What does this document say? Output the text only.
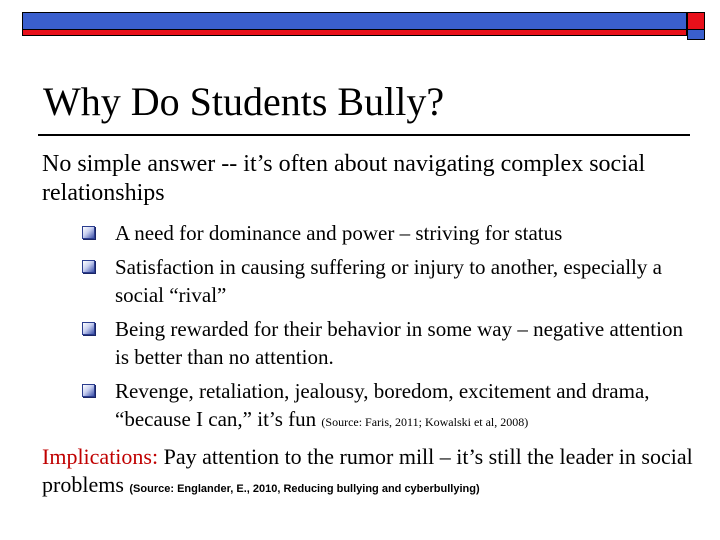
Why Do Students Bully?
No simple answer -- it’s often about navigating complex social relationships
A need for dominance and power – striving for status
Satisfaction in causing suffering or injury to another, especially a social “rival”
Being rewarded for their behavior in some way – negative attention is better than no attention.
Revenge, retaliation, jealousy, boredom, excitement and drama, “because I can,” it’s fun (Source: Faris, 2011; Kowalski et al, 2008)
Implications: Pay attention to the rumor mill – it’s still the leader in social problems (Source: Englander, E., 2010, Reducing bullying and cyberbullying)
